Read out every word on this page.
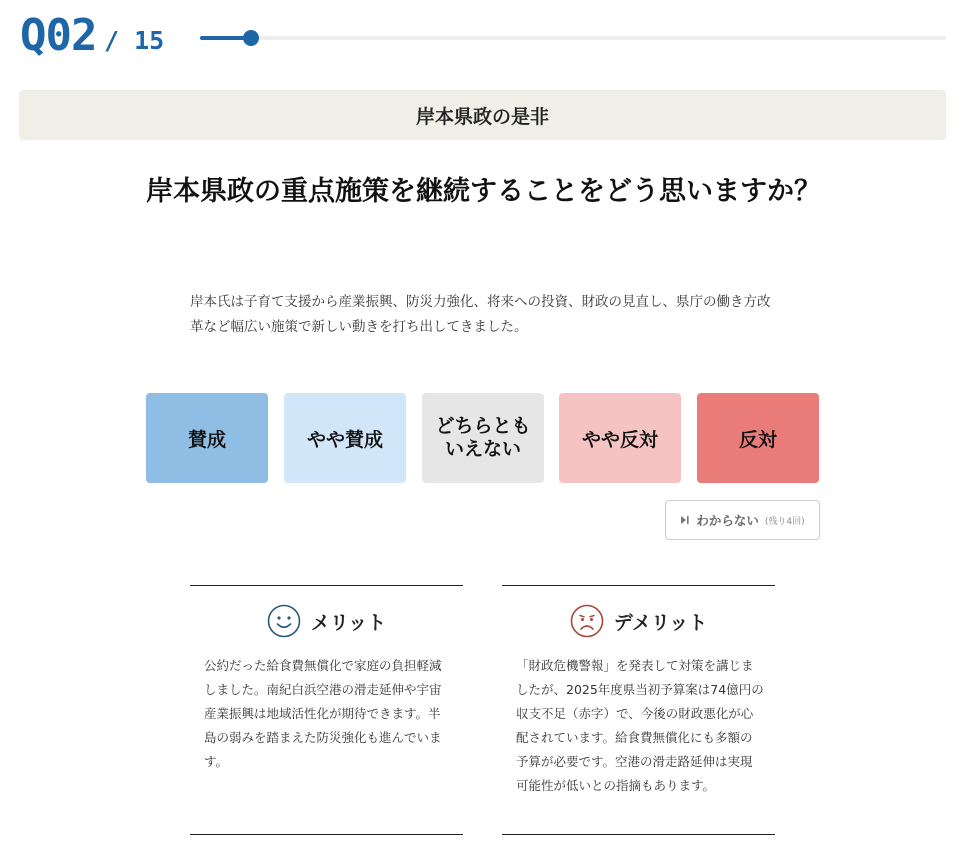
Q02 / 15
岸本県政の是非
岸本県政の重点施策を継続することをどう思いますか？
岸本氏は子育て支援から産業振興、防災力強化、将来への投資、財政の見直し、県庁の働き方改革など幅広い施策で新しい動きを打ち出してきました。
賛成	やや賛成
どちらとも
いえない	やや反対	反対
わからない (残り4回)
メリット
公約だった給食費無償化で家庭の負担軽減しました。南紀白浜空港の滑走延伸や宇宙産業振興は地域活性化が期待できます。半島の弱みを踏まえた防災強化も進んでいます。
デメリット
「財政危機警報」を発表して対策を講じましたが、2025年度県当初予算案は74億円の収支不足（赤字）で、今後の財政悪化が心配されています。給食費無償化にも多額の予算が必要です。空港の滑走路延伸は実現可能性が低いとの指摘もあります。
